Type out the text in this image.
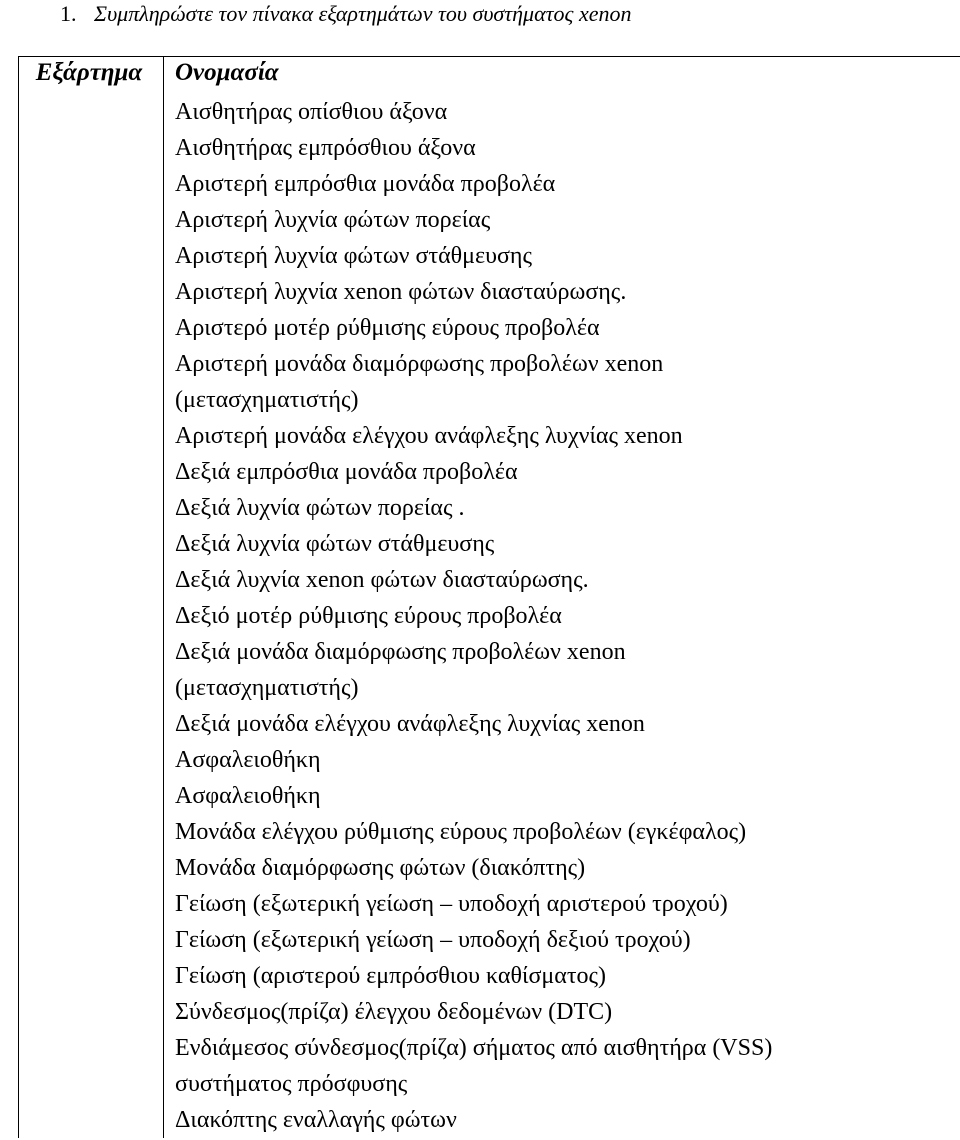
1. Συμπληρώστε τον πίνακα εξαρτημάτων του συστήματος xenon
Εξάρτημα	Ονομασία
Αισθητήρας οπίσθιου άξονα
Αισθητήρας εμπρόσθιου άξονα
Αριστερή εμπρόσθια μονάδα προβολέα
Αριστερή λυχνία φώτων πορείας
Αριστερή λυχνία φώτων στάθμευσης
Αριστερή λυχνία xenon φώτων διασταύρωσης.
Αριστερό μοτέρ ρύθμισης εύρους προβολέα
Αριστερή μονάδα διαμόρφωσης προβολέων xenon
(μετασχηματιστής)
Αριστερή μονάδα ελέγχου ανάφλεξης λυχνίας xenon
Δεξιά εμπρόσθια μονάδα προβολέα
Δεξιά λυχνία φώτων πορείας .
Δεξιά λυχνία φώτων στάθμευσης
Δεξιά λυχνία xenon φώτων διασταύρωσης.
Δεξιό μοτέρ ρύθμισης εύρους προβολέα
Δεξιά μονάδα διαμόρφωσης προβολέων xenon
(μετασχηματιστής)
Δεξιά μονάδα ελέγχου ανάφλεξης λυχνίας xenon
Ασφαλειοθήκη
Ασφαλειοθήκη
Μονάδα ελέγχου ρύθμισης εύρους προβολέων (εγκέφαλος)
Μονάδα διαμόρφωσης φώτων (διακόπτης)
Γείωση (εξωτερική γείωση – υποδοχή αριστερού τροχού)
Γείωση (εξωτερική γείωση – υποδοχή δεξιού τροχού)
Γείωση (αριστερού εμπρόσθιου καθίσματος)
Σύνδεσμος(πρίζα) έλεγχου δεδομένων (DTC)
Ενδιάμεσος σύνδεσμος(πρίζα) σήματος από αισθητήρα (VSS)
συστήματος πρόσφυσης
Διακόπτης εναλλαγής φώτων
